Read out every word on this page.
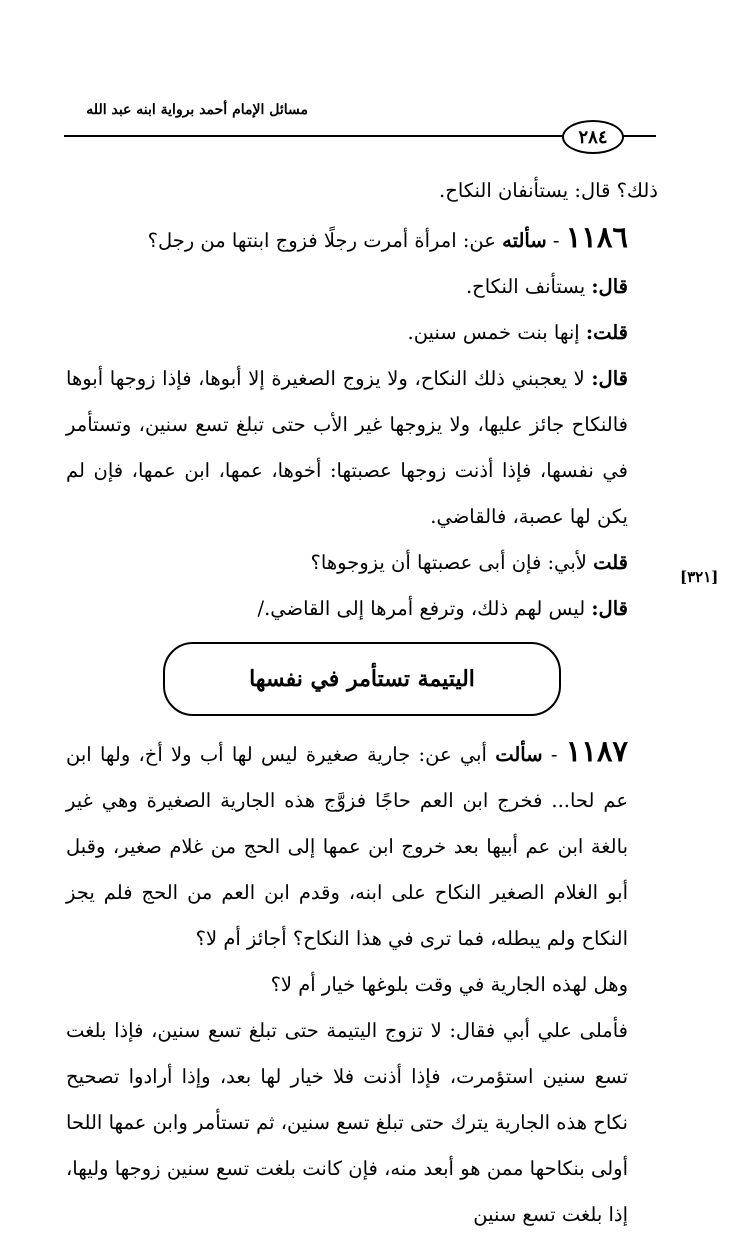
مسائل الإمام أحمد برواية ابنه عبد الله
٢٨٤
[٣٢١]

ذلك؟ قال: يستأنفان النكاح.

١١٨٦ - سألته عن: امرأة أمرت رجلًا فزوج ابنتها من رجل؟

قال: يستأنف النكاح.

قلت: إنها بنت خمس سنين.

قال: لا يعجبني ذلك النكاح، ولا يزوج الصغيرة إلا أبوها، فإذا زوجها أبوها فالنكاح جائز عليها، ولا يزوجها غير الأب حتى تبلغ تسع سنين، وتستأمر في نفسها، فإذا أذنت زوجها عصبتها: أخوها، عمها، ابن عمها، فإن لم يكن لها عصبة، فالقاضي.

قلت لأبي: فإن أبى عصبتها أن يزوجوها؟

قال: ليس لهم ذلك، وترفع أمرها إلى القاضي./

اليتيمة تستأمر في نفسها

١١٨٧ - سألت أبي عن: جارية صغيرة ليس لها أب ولا أخ، ولها ابن عم لحا... فخرج ابن العم حاجًا فزوَّج هذه الجارية الصغيرة وهي غير بالغة ابن عم أبيها بعد خروج ابن عمها إلى الحج من غلام صغير، وقبل أبو الغلام الصغير النكاح على ابنه، وقدم ابن العم من الحج فلم يجز النكاح ولم يبطله، فما ترى في هذا النكاح؟ أجائز أم لا؟

وهل لهذه الجارية في وقت بلوغها خيار أم لا؟

فأملى علي أبي فقال: لا تزوج اليتيمة حتى تبلغ تسع سنين، فإذا بلغت تسع سنين استؤمرت، فإذا أذنت فلا خيار لها بعد، وإذا أرادوا تصحيح نكاح هذه الجارية يترك حتى تبلغ تسع سنين، ثم تستأمر وابن عمها اللحا أولى بنكاحها ممن هو أبعد منه، فإن كانت بلغت تسع سنين زوجها وليها، إذا بلغت تسع سنين
